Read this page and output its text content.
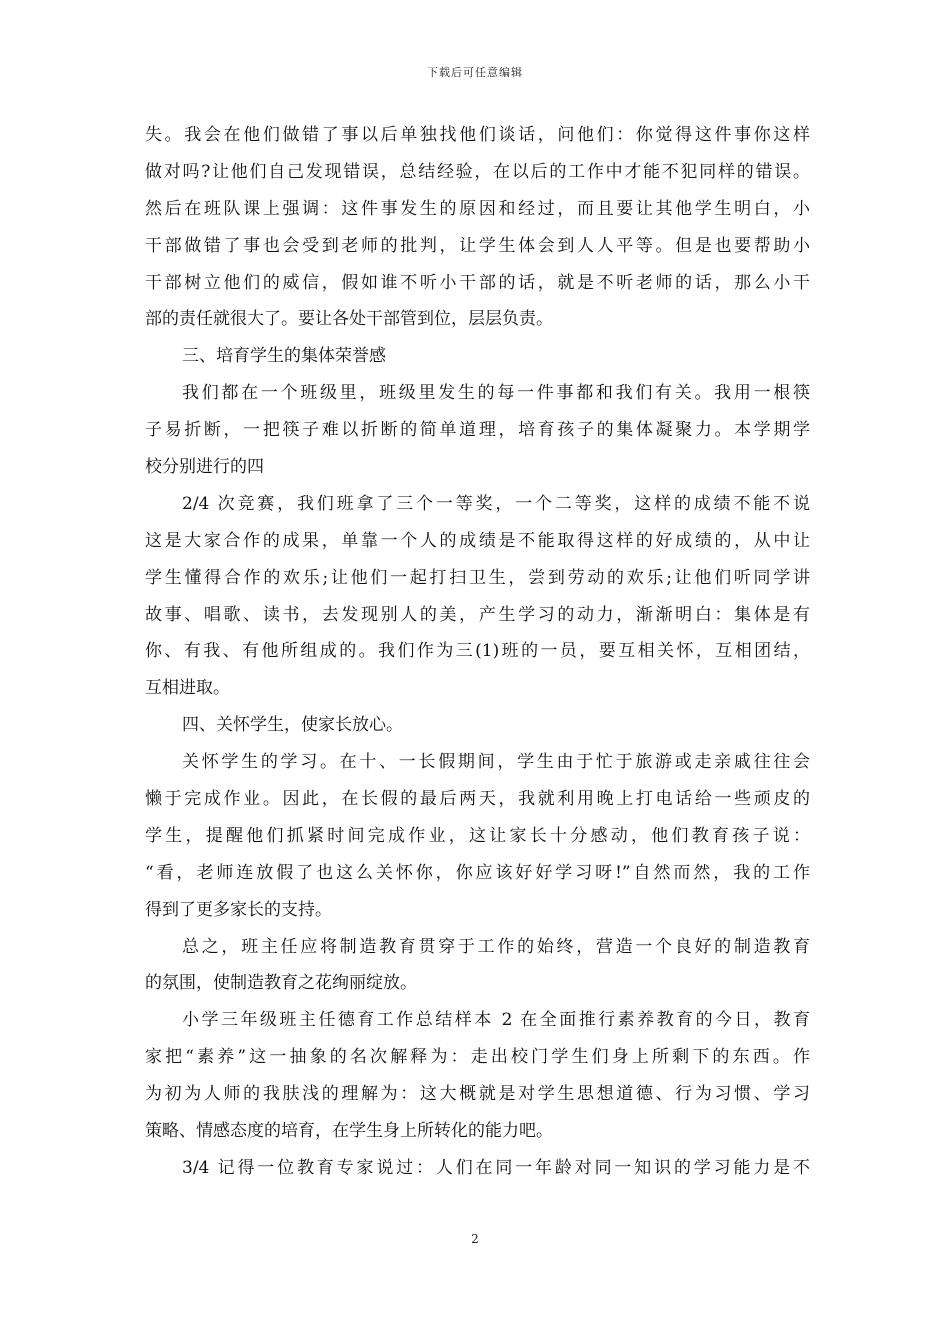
下载后可任意编辑
失。我会在他们做错了事以后单独找他们谈话，问他们：你觉得这件事你这样
做对吗?让他们自己发现错误，总结经验，在以后的工作中才能不犯同样的错误。
然后在班队课上强调：这件事发生的原因和经过，而且要让其他学生明白，小
干部做错了事也会受到老师的批判，让学生体会到人人平等。但是也要帮助小
干部树立他们的威信，假如谁不听小干部的话，就是不听老师的话，那么小干
部的责任就很大了。要让各处干部管到位，层层负责。
三、培育学生的集体荣誉感
我们都在一个班级里，班级里发生的每一件事都和我们有关。我用一根筷
子易折断，一把筷子难以折断的简单道理，培育孩子的集体凝聚力。本学期学
校分别进行的四
2/4 次竞赛，我们班拿了三个一等奖，一个二等奖，这样的成绩不能不说
这是大家合作的成果，单靠一个人的成绩是不能取得这样的好成绩的，从中让
学生懂得合作的欢乐;让他们一起打扫卫生，尝到劳动的欢乐;让他们听同学讲
故事、唱歌、读书，去发现别人的美，产生学习的动力，渐渐明白：集体是有
你、有我、有他所组成的。我们作为三(1)班的一员，要互相关怀，互相团结，
互相进取。
四、关怀学生，使家长放心。
关怀学生的学习。在十、一长假期间，学生由于忙于旅游或走亲戚往往会
懒于完成作业。因此，在长假的最后两天，我就利用晚上打电话给一些顽皮的
学生，提醒他们抓紧时间完成作业，这让家长十分感动，他们教育孩子说：
“看，老师连放假了也这么关怀你，你应该好好学习呀!”自然而然，我的工作
得到了更多家长的支持。
总之，班主任应将制造教育贯穿于工作的始终，营造一个良好的制造教育
的氛围，使制造教育之花绚丽绽放。
小学三年级班主任德育工作总结样本 2 在全面推行素养教育的今日，教育
家把“素养”这一抽象的名次解释为：走出校门学生们身上所剩下的东西。作
为初为人师的我肤浅的理解为：这大概就是对学生思想道德、行为习惯、学习
策略、情感态度的培育，在学生身上所转化的能力吧。
3/4 记得一位教育专家说过：人们在同一年龄对同一知识的学习能力是不
2
